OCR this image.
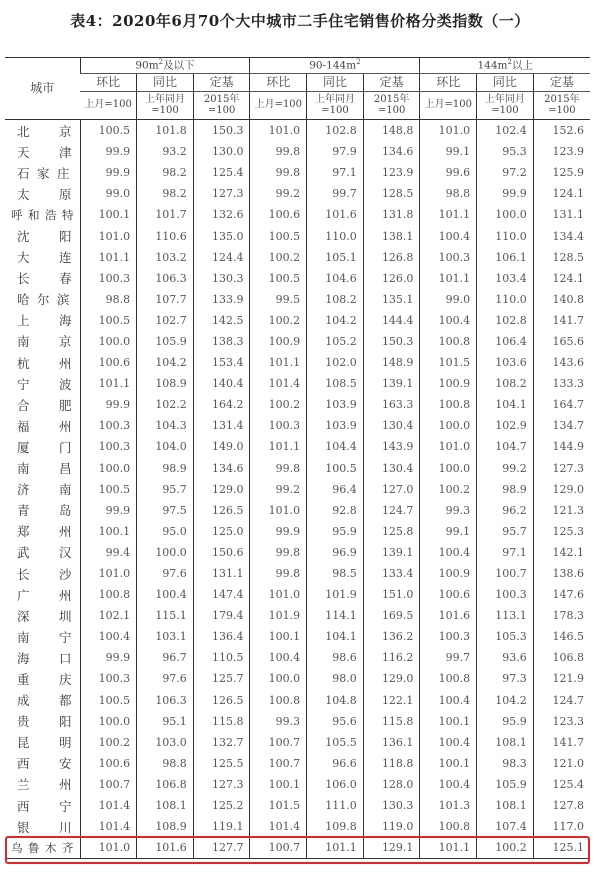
表4：2020年6月70个大中城市二手住宅销售价格分类指数（一）
城市	$90m^2$及以下			$90-144m^2$			$144m^2$以上		
	环比	同比	定基	环比	同比	定基	环比	同比	定基
	上月=100	上年同月=100	2015年=100	上月=100	上年同月=100	2015年=100	上月=100	上年同月=100	2015年=100
北 京	100.5	101.8	150.3	101.0	102.8	148.8	101.0	102.4	152.6
天 津	99.9	93.2	130.0	99.8	97.9	134.6	99.1	95.3	123.9
石家庄	99.9	98.2	125.4	99.8	97.1	123.9	99.6	97.2	125.9
太 原	99.0	98.2	127.3	99.2	99.7	128.5	98.8	99.9	124.1
呼和浩特	100.1	101.7	132.6	100.6	101.6	131.8	101.1	100.0	131.1
沈 阳	101.0	110.6	135.0	100.5	110.0	138.1	100.4	110.0	134.4
大 连	101.1	103.2	124.4	100.2	105.1	126.8	100.3	106.1	128.5
长 春	100.3	106.3	130.3	100.5	104.6	126.0	101.1	103.4	124.1
哈尔滨	98.8	107.7	133.9	99.5	108.2	135.1	99.0	110.0	140.8
上 海	100.5	102.7	142.5	100.2	104.2	144.4	100.4	102.8	141.7
南 京	100.0	105.9	138.3	100.9	105.2	150.3	100.8	106.4	165.6
杭 州	100.6	104.2	153.4	101.1	102.0	148.9	101.5	103.6	143.6
宁 波	101.1	108.9	140.4	101.4	108.5	139.1	100.9	108.2	133.3
合 肥	99.9	102.2	164.2	100.2	103.9	163.3	100.8	104.1	164.7
福 州	100.3	104.3	131.4	100.3	103.9	130.4	100.0	102.9	134.7
厦 门	100.3	104.0	149.0	101.1	104.4	143.9	101.0	104.7	144.9
南 昌	100.0	98.9	134.6	99.8	100.5	130.4	100.0	99.2	127.3
济 南	100.5	95.7	129.0	99.2	96.4	127.0	100.2	98.9	129.0
青 岛	99.9	97.5	126.5	101.0	92.8	124.7	99.3	96.2	121.3
郑 州	100.1	95.0	125.0	99.9	95.9	125.8	99.1	95.7	125.3
武 汉	99.4	100.0	150.6	99.8	96.9	139.1	100.4	97.1	142.1
长 沙	101.0	97.6	131.1	99.8	98.5	133.4	100.9	100.7	138.6
广 州	100.8	100.4	147.4	101.0	101.9	151.0	100.6	100.3	147.6
深 圳	102.1	115.1	179.4	101.9	114.1	169.5	101.6	113.1	178.3
南 宁	100.4	103.1	136.4	100.1	104.1	136.2	100.3	105.3	146.5
海 口	99.9	96.7	110.5	100.4	98.6	116.2	99.7	93.6	106.8
重 庆	100.3	97.6	125.7	100.0	98.0	129.0	100.8	97.3	121.9
成 都	100.5	106.3	126.5	100.8	104.8	122.1	100.4	104.2	124.7
贵 阳	100.0	95.1	115.8	99.3	95.6	115.8	100.1	95.9	123.3
昆 明	100.2	103.0	132.7	100.7	105.5	136.1	100.4	108.1	141.7
西 安	100.6	98.8	125.5	100.7	96.6	118.8	100.1	98.3	121.0
兰 州	100.7	106.8	127.3	100.1	106.0	128.0	100.4	105.9	125.4
西 宁	101.4	108.1	125.2	101.5	111.0	130.3	101.3	108.1	127.8
银 川	101.4	108.9	119.1	101.4	109.8	119.0	100.8	107.4	117.0
乌鲁木齐	101.0	101.6	127.7	100.7	101.1	129.1	101.1	100.2	125.1
